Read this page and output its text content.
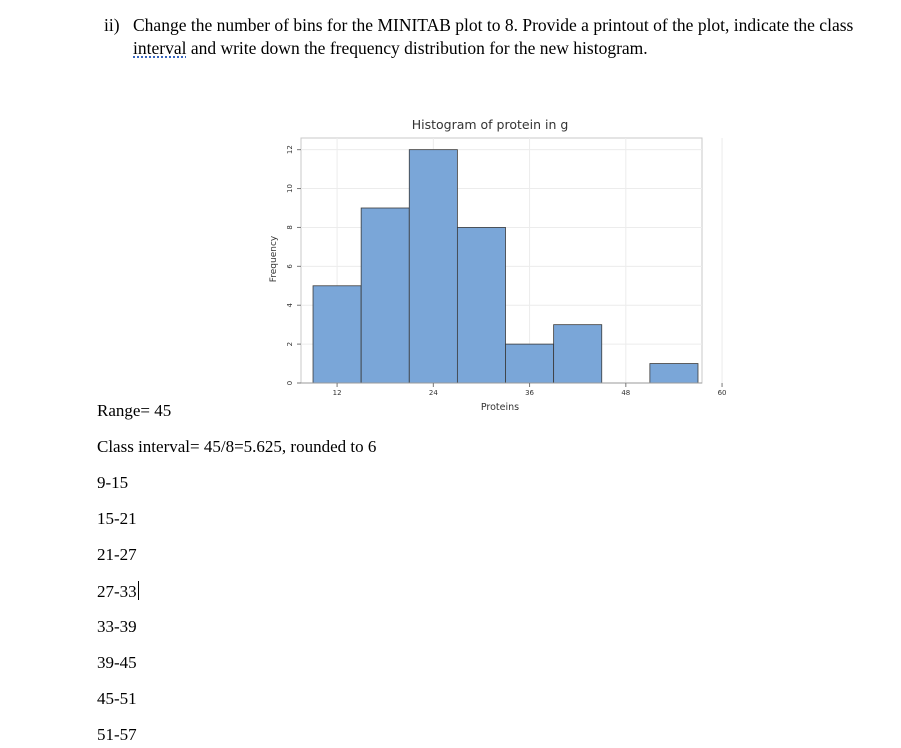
ii) Change the number of bins for the MINITAB plot to 8. Provide a printout of the plot, indicate the class
interval and write down the frequency distribution for the new histogram.
Histogram of protein in g
0
2
4
6
8
10
12
12	24	36	48	60
Proteins
Frequency
Range= 45
Class interval= 45/8=5.625, rounded to 6
9-15
15-21
21-27
27-33
33-39
39-45
45-51
51-57
